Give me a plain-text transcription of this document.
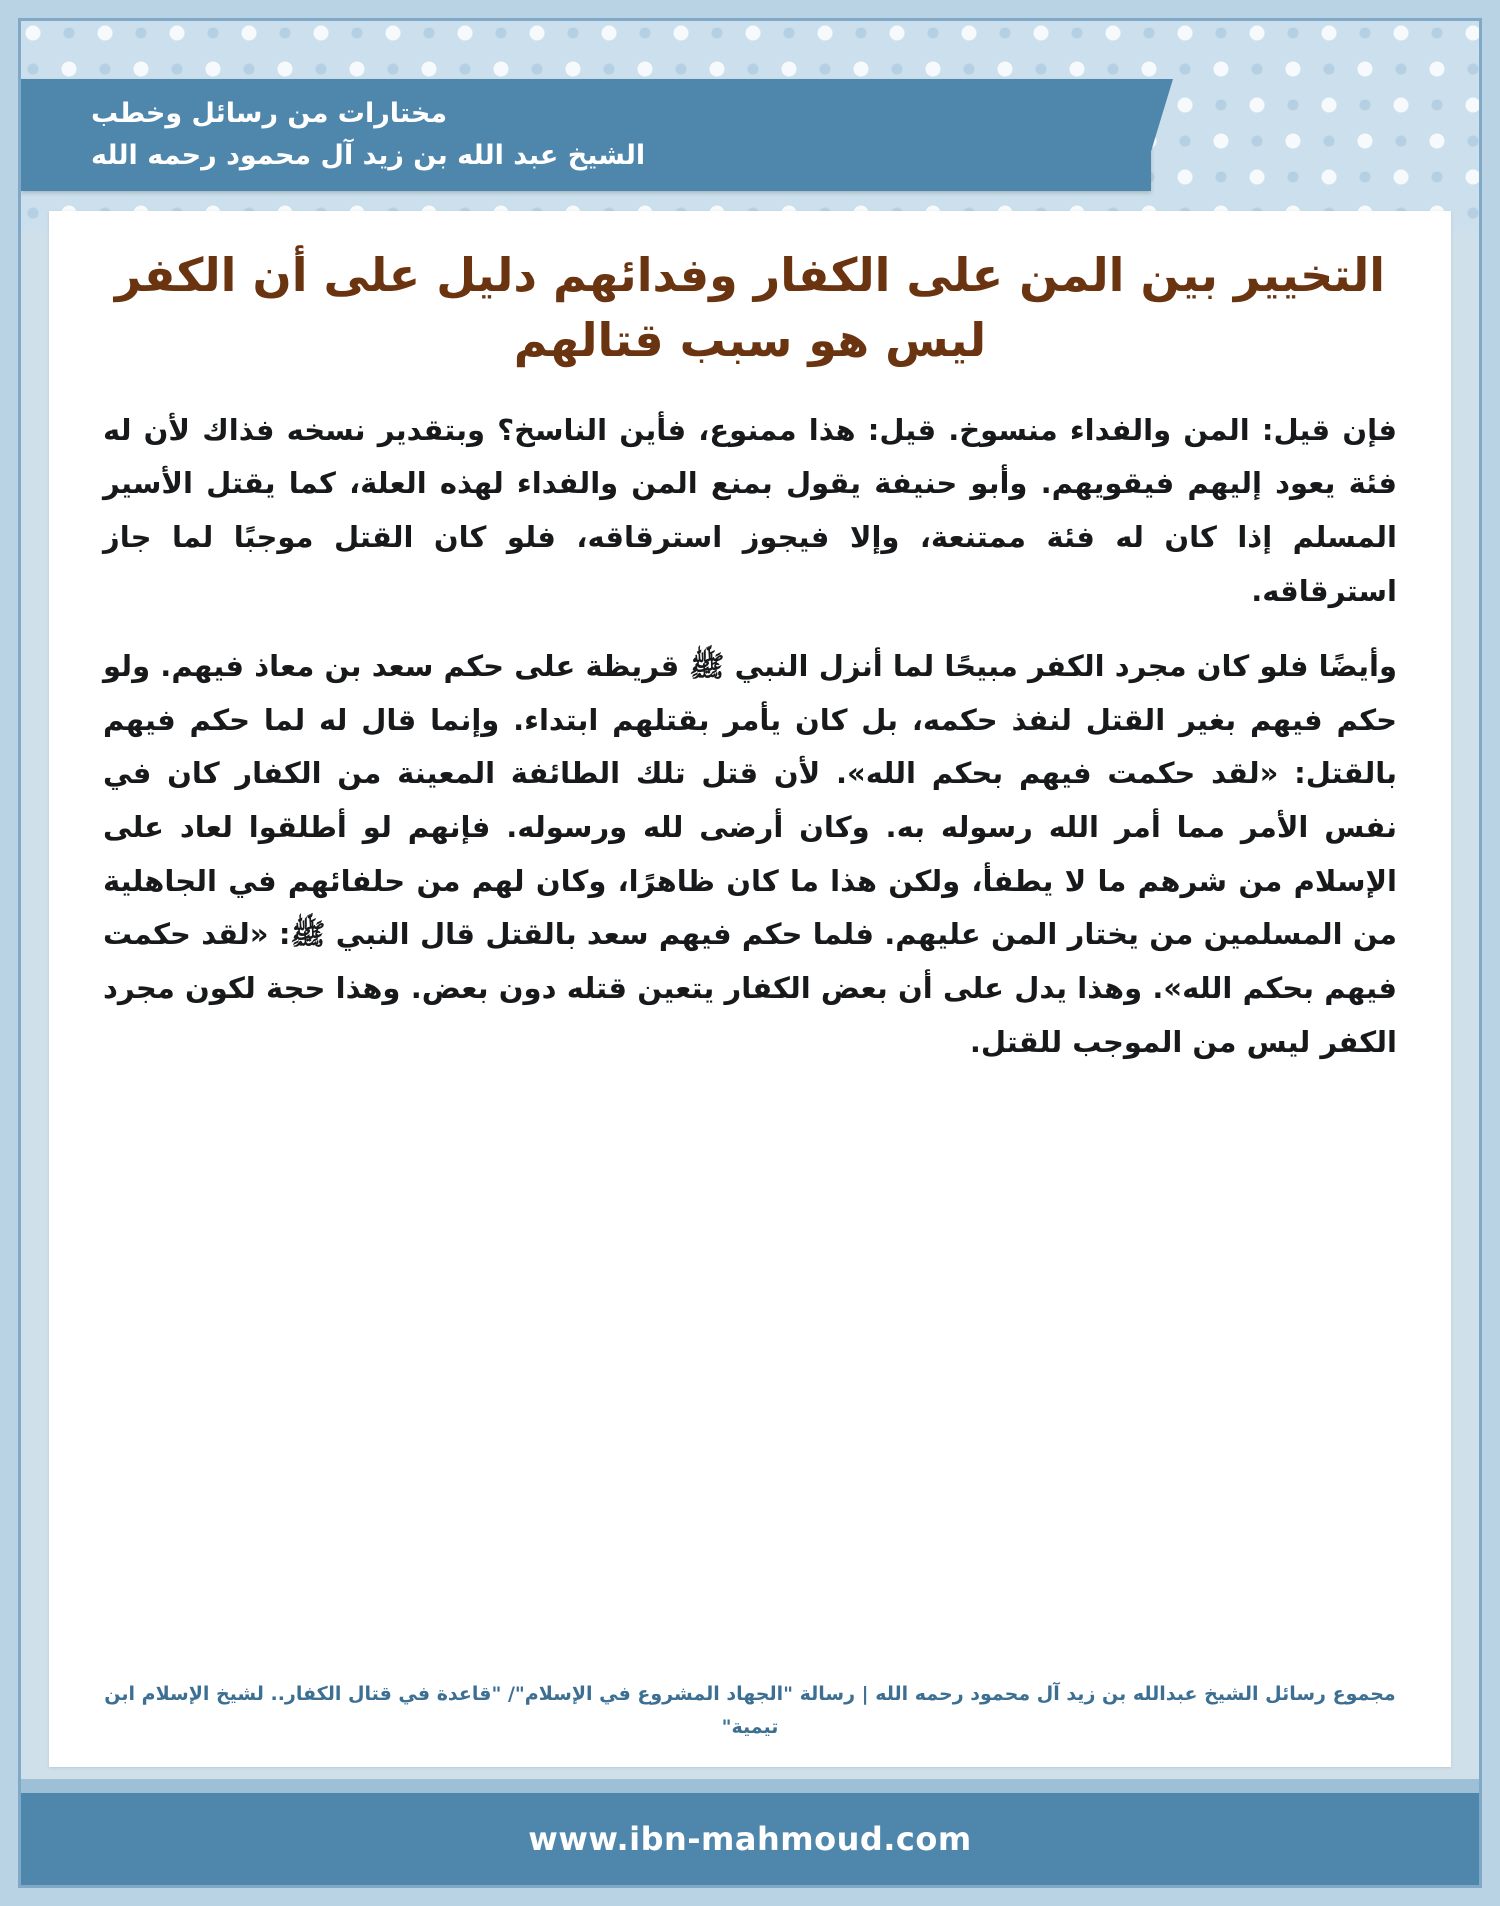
مختارات من رسائل وخطب
الشيخ عبد الله بن زيد آل محمود رحمه الله
التخيير بين المن على الكفار وفدائهم دليل على أن الكفر ليس هو سبب قتالهم

فإن قيل: المن والفداء منسوخ. قيل: هذا ممنوع، فأين الناسخ؟ وبتقدير نسخه فذاك لأن له فئة يعود إليهم فيقويهم. وأبو حنيفة يقول بمنع المن والفداء لهذه العلة، كما يقتل الأسير المسلم إذا كان له فئة ممتنعة، وإلا فيجوز استرقاقه، فلو كان القتل موجبًا لما جاز استرقاقه.

وأيضًا فلو كان مجرد الكفر مبيحًا لما أنزل النبي ﷺ قريظة على حكم سعد بن معاذ فيهم. ولو حكم فيهم بغير القتل لنفذ حكمه، بل كان يأمر بقتلهم ابتداء. وإنما قال له لما حكم فيهم بالقتل: «لقد حكمت فيهم بحكم الله». لأن قتل تلك الطائفة المعينة من الكفار كان في نفس الأمر مما أمر الله رسوله به. وكان أرضى لله ورسوله. فإنهم لو أطلقوا لعاد على الإسلام من شرهم ما لا يطفأ، ولكن هذا ما كان ظاهرًا، وكان لهم من حلفائهم في الجاهلية من المسلمين من يختار المن عليهم. فلما حكم فيهم سعد بالقتل قال النبي ﷺ: «لقد حكمت فيهم بحكم الله». وهذا يدل على أن بعض الكفار يتعين قتله دون بعض. وهذا حجة لكون مجرد الكفر ليس من الموجب للقتل.

مجموع رسائل الشيخ عبدالله بن زيد آل محمود رحمه الله | رسالة "الجهاد المشروع في الإسلام"/ "قاعدة في قتال الكفار.. لشيخ الإسلام ابن تيمية"
www.ibn-mahmoud.com
